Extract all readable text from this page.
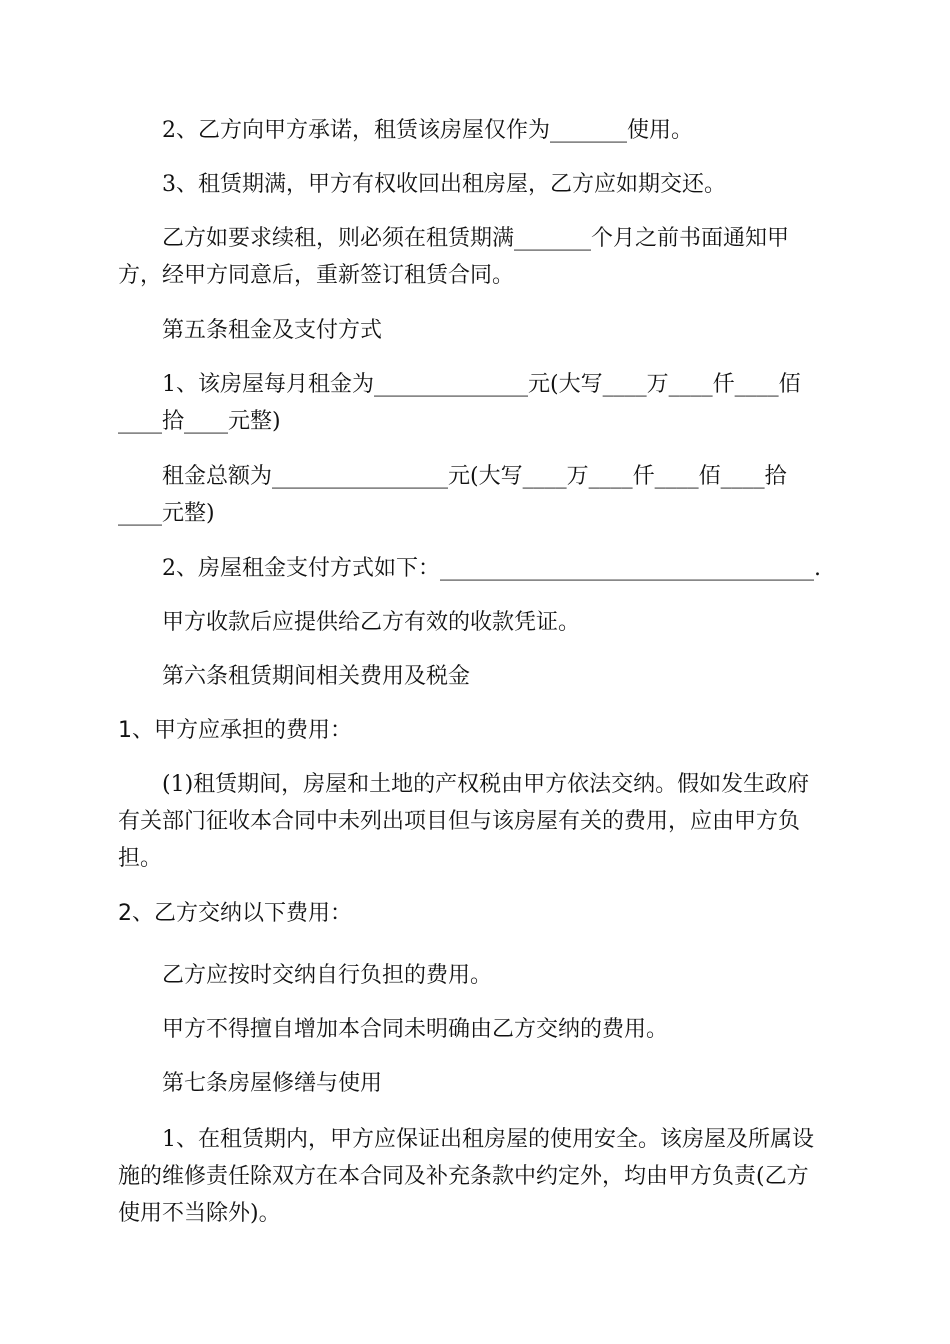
2、乙方向甲方承诺，租赁该房屋仅作为_______使用。

3、租赁期满，甲方有权收回出租房屋，乙方应如期交还。

乙方如要求续租，则必须在租赁期满_______个月之前书面通知甲方，经甲方同意后，重新签订租赁合同。

第五条租金及支付方式

1、该房屋每月租金为______________元(大写____万____仟____佰____拾____元整)

租金总额为________________元(大写____万____仟____佰____拾____元整)

2、房屋租金支付方式如下：__________________________________.

甲方收款后应提供给乙方有效的收款凭证。

第六条租赁期间相关费用及税金

1、甲方应承担的费用：

(1)租赁期间，房屋和土地的产权税由甲方依法交纳。假如发生政府有关部门征收本合同中未列出项目但与该房屋有关的费用，应由甲方负担。

2、乙方交纳以下费用：

乙方应按时交纳自行负担的费用。

甲方不得擅自增加本合同未明确由乙方交纳的费用。

第七条房屋修缮与使用

1、在租赁期内，甲方应保证出租房屋的使用安全。该房屋及所属设施的维修责任除双方在本合同及补充条款中约定外，均由甲方负责(乙方使用不当除外)。
